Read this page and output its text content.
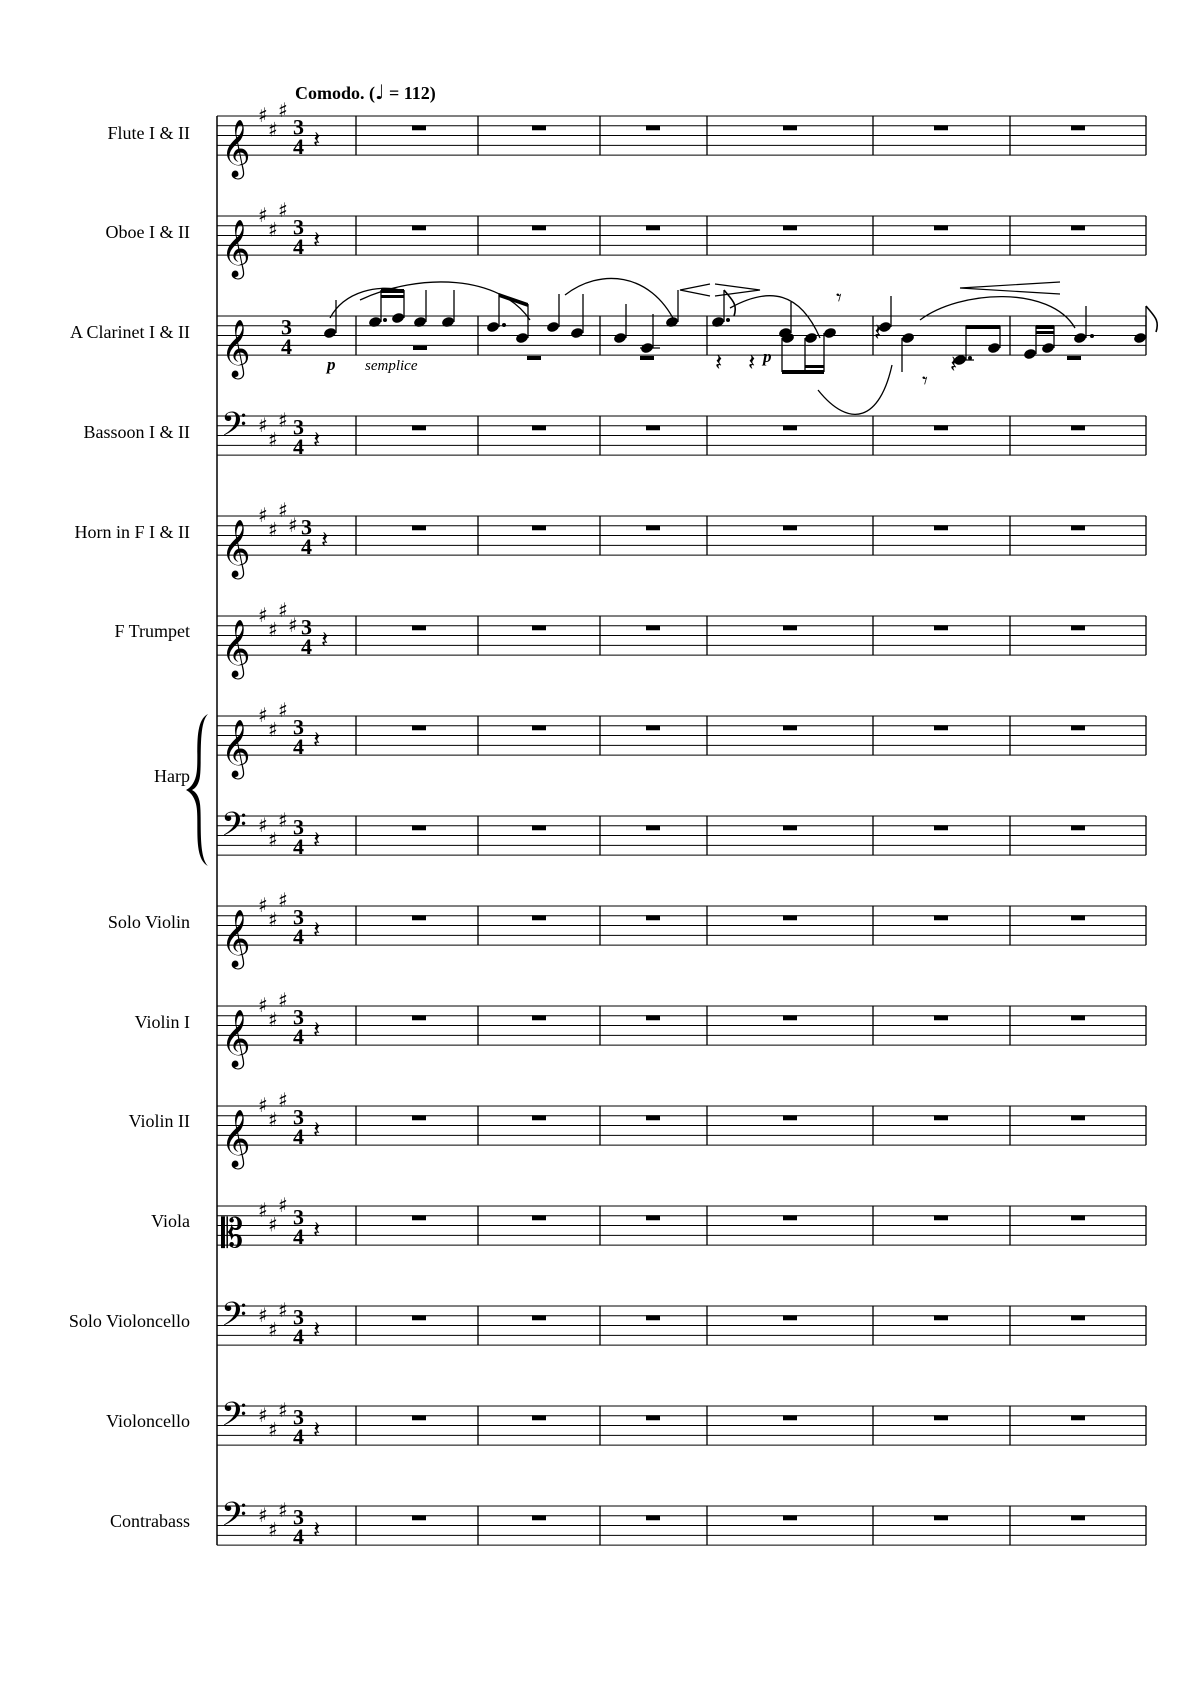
Comodo. (♩ = 112)
Flute I & II
Oboe I & II
A Clarinet I & II
Bassoon I & II
Horn in F I & II
F Trumpet
Harp
Solo Violin
Violin I
Violin II
Viola
Solo Violoncello
Violoncello
Contrabass
𝄞
♯
♯
♯
3
4 𝄽
𝄞
♯
♯
♯
3
4 𝄽
𝄞 3
4
𝄢 ♯
♯
♯ 3
4 𝄽
𝄞
♯
♯
♯
♯ 3
4 𝄽
𝄞
♯
♯
♯
♯ 3
4 𝄽
𝄞
♯
♯
♯
3
4 𝄽
𝄢 ♯
♯
♯ 3
4 𝄽
𝄞
♯
♯
♯
3
4 𝄽
𝄞
♯
♯
♯
3
4 𝄽
𝄞
♯
♯
♯
3
4 𝄽
𝄡
♯
♯
♯ 3
4 𝄽
𝄢 ♯
♯
♯ 3
4 𝄽
𝄢 ♯
♯
♯ 3
4 𝄽
𝄢 ♯
♯
♯ 3
4 𝄽
𝄽 𝄽
𝄽
𝄽
𝄾
𝄾
p semplice	p
